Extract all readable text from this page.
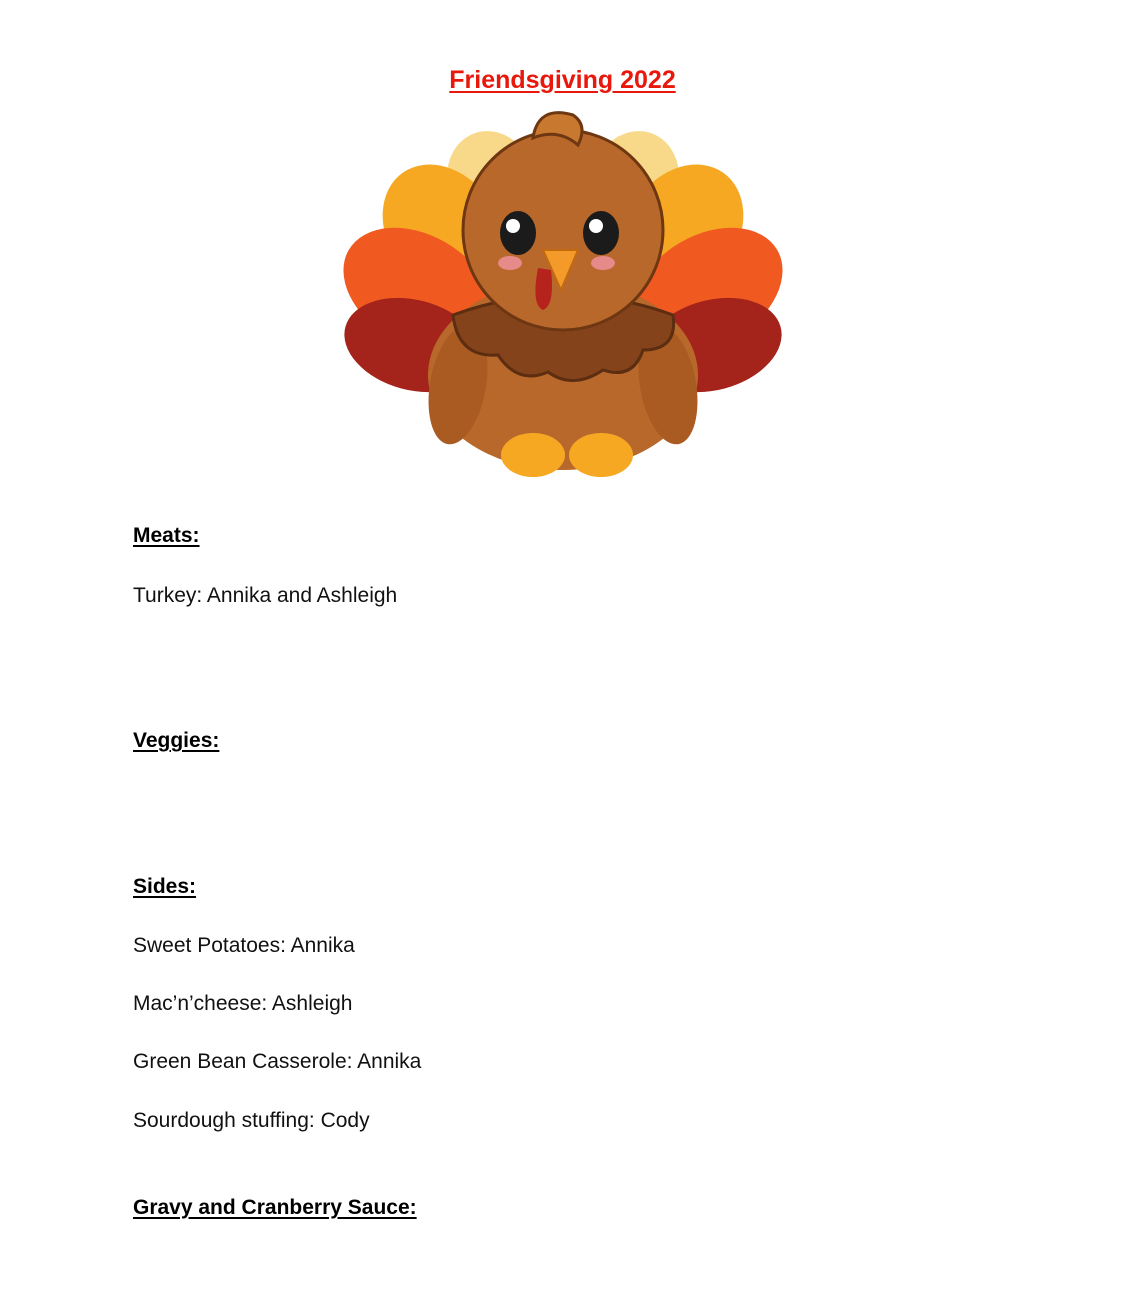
Friendsgiving 2022
Meats:
Turkey: Annika and Ashleigh
Veggies:
Sides:
Sweet Potatoes: Annika
Mac’n’cheese: Ashleigh
Green Bean Casserole: Annika
Sourdough stuffing: Cody
Gravy and Cranberry Sauce:
